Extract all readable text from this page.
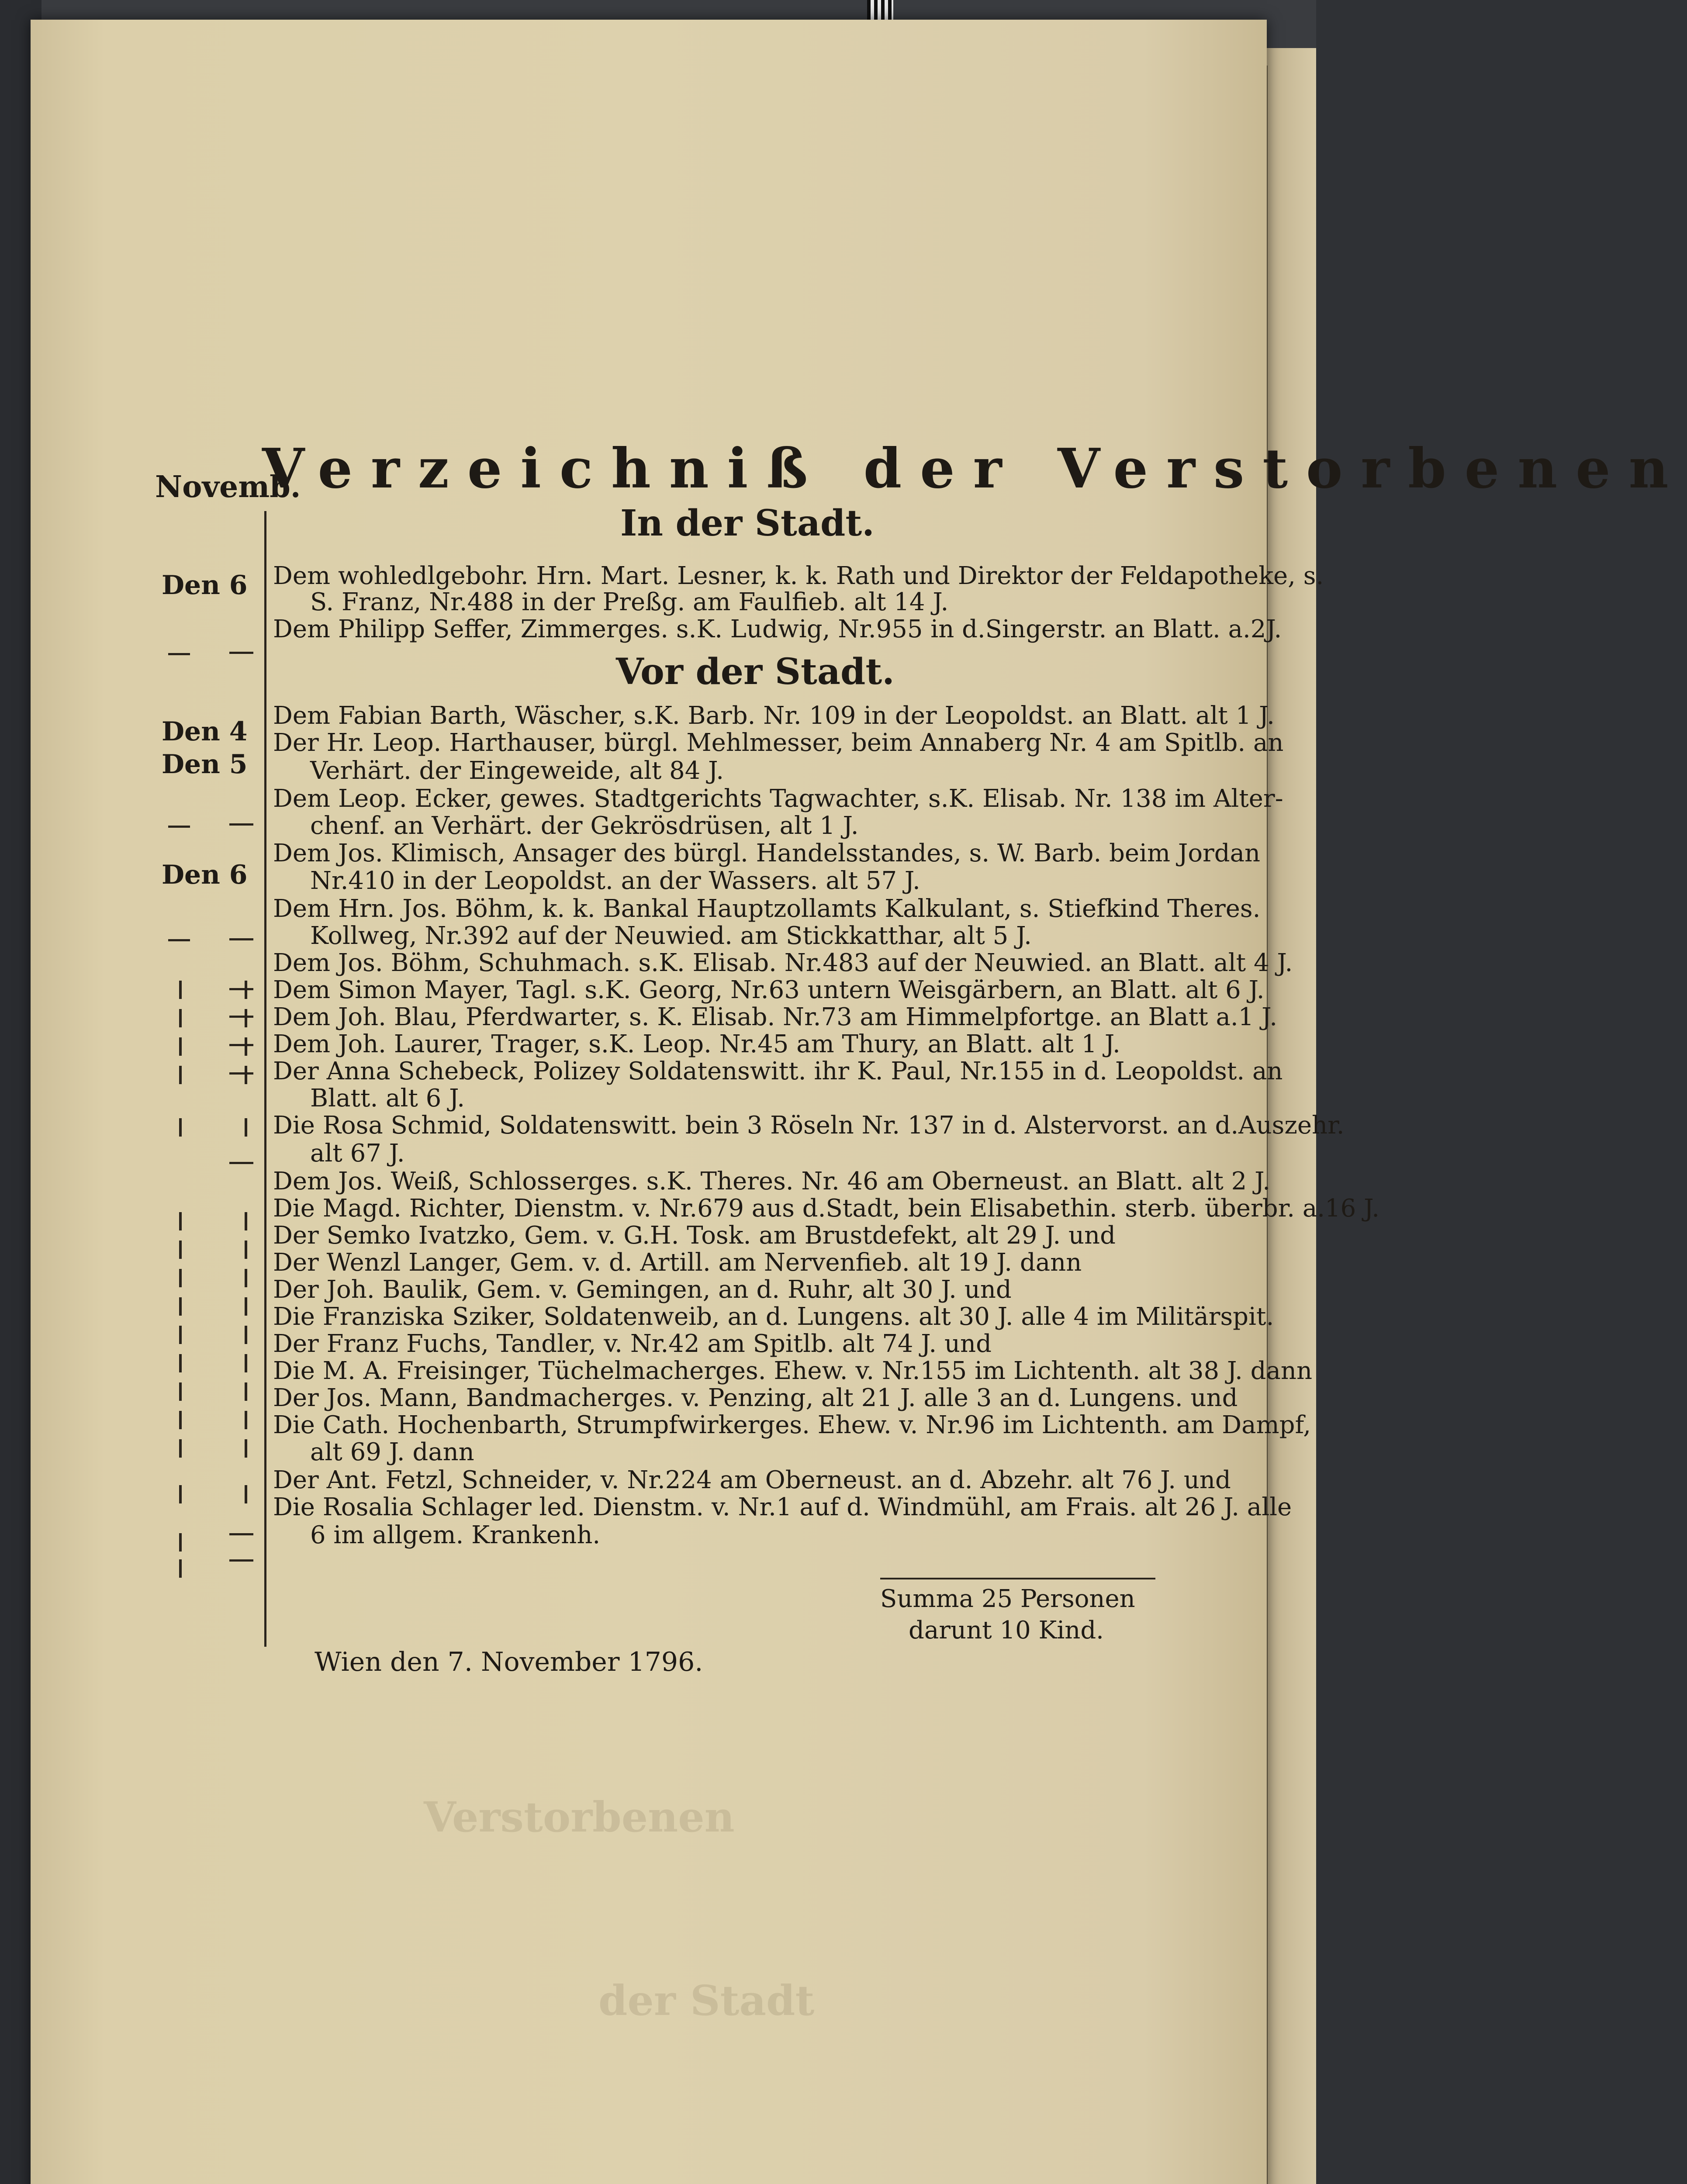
Verstorbenen
der Stadt
Novemb.
Verzeichniß der Verstorbenen
In der Stadt.
Den 6
Den 4
Den 5
Den 6
Dem wohledlgebohr. Hrn. Mart. Lesner, k. k. Rath und Direktor der Feldapotheke, s.
S. Franz, Nr.488 in der Preßg. am Faulfieb. alt 14 J.
Dem Philipp Seffer, Zimmerges. s.K. Ludwig, Nr.955 in d.Singerstr. an Blatt. a.2J.
Vor der Stadt.
Dem Fabian Barth, Wäscher, s.K. Barb. Nr. 109 in der Leopoldst. an Blatt. alt 1 J.
Der Hr. Leop. Harthauser, bürgl. Mehlmesser, beim Annaberg Nr. 4 am Spitlb. an
Verhärt. der Eingeweide, alt 84 J.
Dem Leop. Ecker, gewes. Stadtgerichts Tagwachter, s.K. Elisab. Nr. 138 im Alter-
chenf. an Verhärt. der Gekrösdrüsen, alt 1 J.
Dem Jos. Klimisch, Ansager des bürgl. Handelsstandes, s. W. Barb. beim Jordan
Nr.410 in der Leopoldst. an der Wassers. alt 57 J.
Dem Hrn. Jos. Böhm, k. k. Bankal Hauptzollamts Kalkulant, s. Stiefkind Theres.
Kollweg, Nr.392 auf der Neuwied. am Stickkatthar, alt 5 J.
Dem Jos. Böhm, Schuhmach. s.K. Elisab. Nr.483 auf der Neuwied. an Blatt. alt 4 J.
Dem Simon Mayer, Tagl. s.K. Georg, Nr.63 untern Weisgärbern, an Blatt. alt 6 J.
Dem Joh. Blau, Pferdwarter, s. K. Elisab. Nr.73 am Himmelpfortge. an Blatt a.1 J.
Dem Joh. Laurer, Trager, s.K. Leop. Nr.45 am Thury, an Blatt. alt 1 J.
Der Anna Schebeck, Polizey Soldatenswitt. ihr K. Paul, Nr.155 in d. Leopoldst. an
Blatt. alt 6 J.
Die Rosa Schmid, Soldatenswitt. bein 3 Röseln Nr. 137 in d. Alstervorst. an d.Auszehr.
alt 67 J.
Dem Jos. Weiß, Schlosserges. s.K. Theres. Nr. 46 am Oberneust. an Blatt. alt 2 J.
Die Magd. Richter, Dienstm. v. Nr.679 aus d.Stadt, bein Elisabethin. sterb. überbr. a.16 J.
Der Semko Ivatzko, Gem. v. G.H. Tosk. am Brustdefekt, alt 29 J. und
Der Wenzl Langer, Gem. v. d. Artill. am Nervenfieb. alt 19 J. dann
Der Joh. Baulik, Gem. v. Gemingen, an d. Ruhr, alt 30 J. und
Die Franziska Sziker, Soldatenweib, an d. Lungens. alt 30 J. alle 4 im Militärspit.
Der Franz Fuchs, Tandler, v. Nr.42 am Spitlb. alt 74 J. und
Die M. A. Freisinger, Tüchelmacherges. Ehew. v. Nr.155 im Lichtenth. alt 38 J. dann
Der Jos. Mann, Bandmacherges. v. Penzing, alt 21 J. alle 3 an d. Lungens. und
Die Cath. Hochenbarth, Strumpfwirkerges. Ehew. v. Nr.96 im Lichtenth. am Dampf,
alt 69 J. dann
Der Ant. Fetzl, Schneider, v. Nr.224 am Oberneust. an d. Abzehr. alt 76 J. und
Die Rosalia Schlager led. Dienstm. v. Nr.1 auf d. Windmühl, am Frais. alt 26 J. alle
6 im allgem. Krankenh.
Summa 25 Personen
darunt 10 Kind.
Wien den 7. November 1796.
